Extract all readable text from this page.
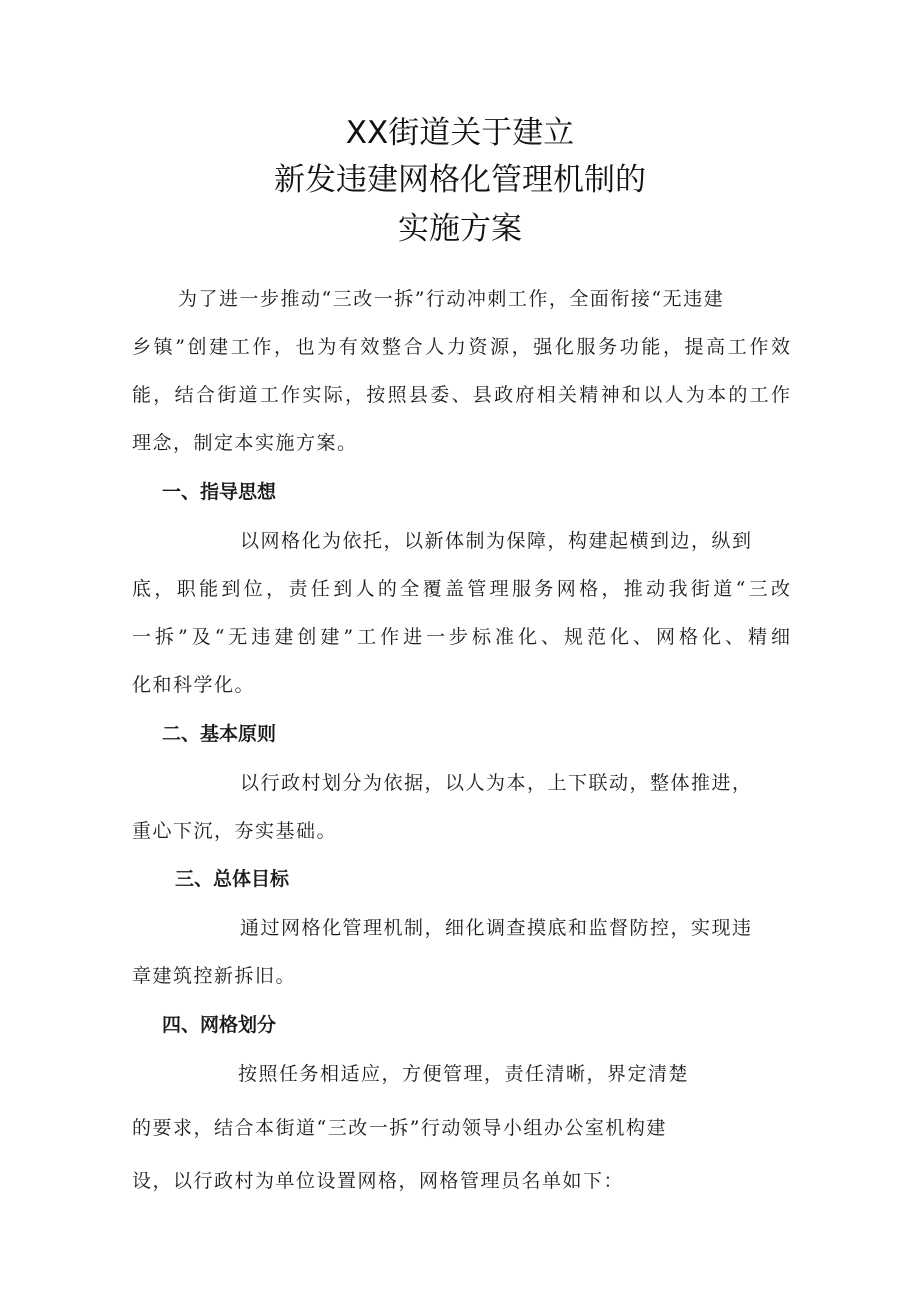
XX街道关于建立
新发违建网格化管理机制的
实施方案
为了进一步推动“三改一拆”行动冲刺工作，全面衔接“无违建
乡镇”创建工作，也为有效整合人力资源，强化服务功能，提高工作效
能，结合街道工作实际，按照县委、县政府相关精神和以人为本的工作
理念，制定本实施方案。
一、指导思想
以网格化为依托，以新体制为保障，构建起横到边，纵到
底，职能到位，责任到人的全覆盖管理服务网格，推动我街道“三改
一拆”及“无违建创建”工作进一步标准化、规范化、网格化、精细
化和科学化。
二、基本原则
以行政村划分为依据，以人为本，上下联动，整体推进，
重心下沉，夯实基础。
三、总体目标
通过网格化管理机制，细化调查摸底和监督防控，实现违
章建筑控新拆旧。
四、网格划分
按照任务相适应，方便管理，责任清晰，界定清楚
的要求，结合本街道“三改一拆”行动领导小组办公室机构建
设，以行政村为单位设置网格，网格管理员名单如下：
